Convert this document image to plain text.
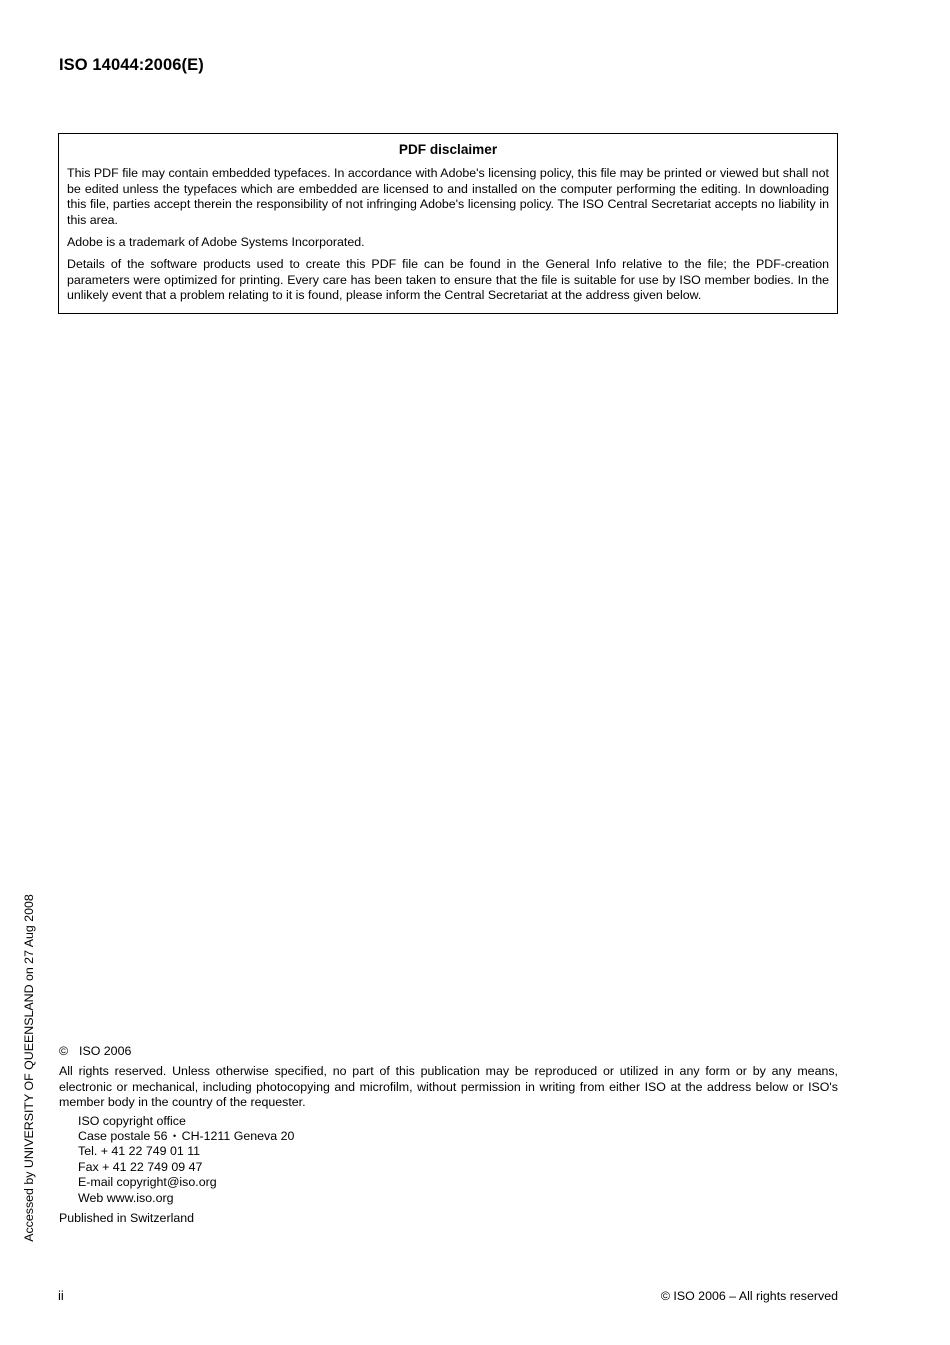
ISO 14044:2006(E)
PDF disclaimer

This PDF file may contain embedded typefaces. In accordance with Adobe's licensing policy, this file may be printed or viewed but shall not be edited unless the typefaces which are embedded are licensed to and installed on the computer performing the editing. In downloading this file, parties accept therein the responsibility of not infringing Adobe's licensing policy. The ISO Central Secretariat accepts no liability in this area.

Adobe is a trademark of Adobe Systems Incorporated.

Details of the software products used to create this PDF file can be found in the General Info relative to the file; the PDF-creation parameters were optimized for printing. Every care has been taken to ensure that the file is suitable for use by ISO member bodies. In the unlikely event that a problem relating to it is found, please inform the Central Secretariat at the address given below.

Accessed by UNIVERSITY OF QUEENSLAND on 27 Aug 2008 © ISO 2006

All rights reserved. Unless otherwise specified, no part of this publication may be reproduced or utilized in any form or by any means, electronic or mechanical, including photocopying and microfilm, without permission in writing from either ISO at the address below or ISO's member body in the country of the requester.

ISO copyright office

Case postale 56 • CH-1211 Geneva 20

Tel. + 41 22 749 01 11

Fax + 41 22 749 09 47

E-mail copyright@iso.org

Web www.iso.org

Published in Switzerland

ii	© ISO 2006 – All rights reserved
